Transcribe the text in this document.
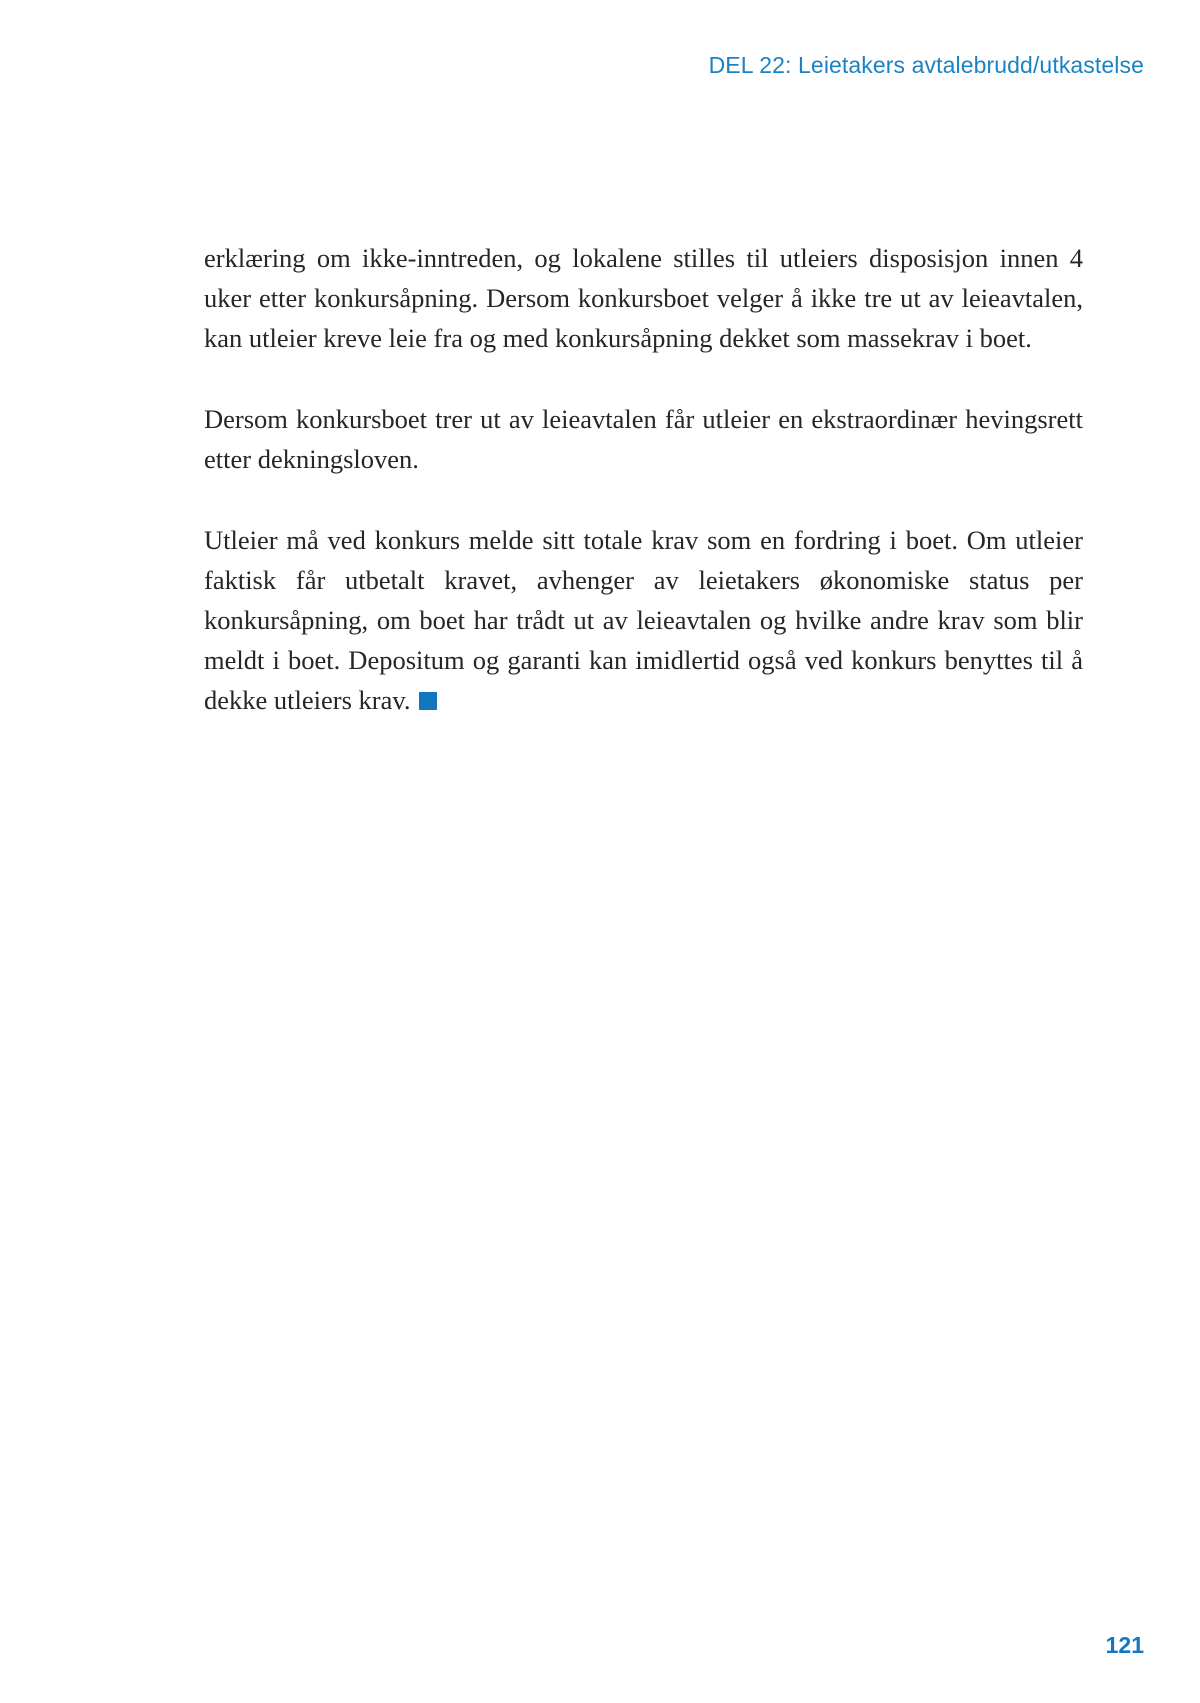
DEL 22: Leietakers avtalebrudd/utkastelse

erklæring om ikke-inntreden, og lokalene stilles til utleiers disposisjon innen 4 uker etter konkursåpning. Dersom konkursboet velger å ikke tre ut av leieavtalen, kan utleier kreve leie fra og med konkursåpning dekket som massekrav i boet.

Dersom konkursboet trer ut av leieavtalen får utleier en ekstraordinær hevingsrett etter dekningsloven.

Utleier må ved konkurs melde sitt totale krav som en fordring i boet. Om utleier faktisk får utbetalt kravet, avhenger av leietakers økonomiske status per konkursåpning, om boet har trådt ut av leieavtalen og hvilke andre krav som blir meldt i boet. Depositum og garanti kan imidlertid også ved konkurs benyttes til å dekke utleiers krav.

121
